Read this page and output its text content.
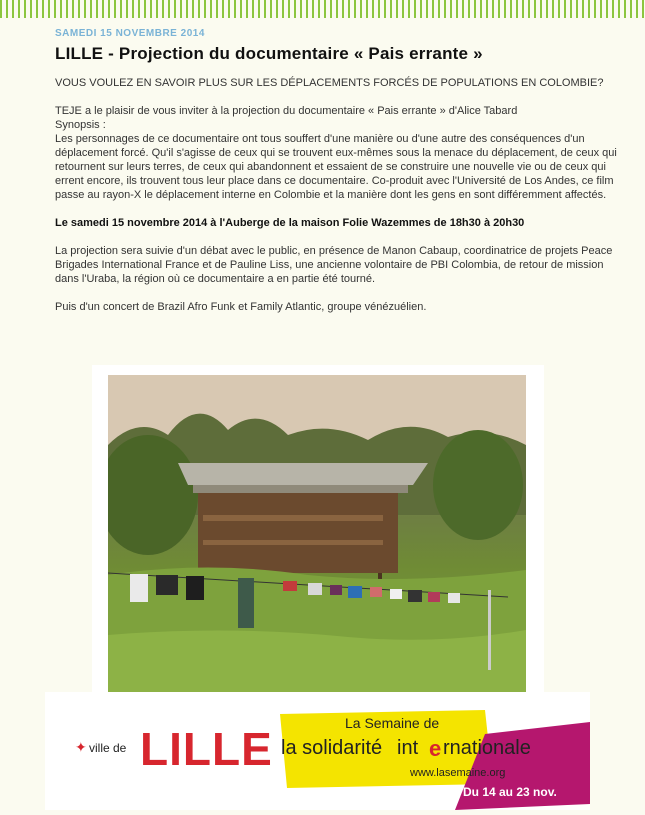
SAMEDI 15 NOVEMBRE 2014
LILLE - Projection du documentaire « Pais errante »

VOUS VOULEZ EN SAVOIR PLUS SUR LES DÉPLACEMENTS FORCÉS DE POPULATIONS EN COLOMBIE?

TEJE a le plaisir de vous inviter à la projection du documentaire « Pais errante » d'Alice Tabard

Synopsis :

Les personnages de ce documentaire ont tous souffert d'une manière ou d'une autre des conséquences d'un déplacement forcé. Qu'il s'agisse de ceux qui se trouvent eux-mêmes sous la menace du déplacement, de ceux qui retournent sur leurs terres, de ceux qui abandonnent et essaient de se construire une nouvelle vie ou de ceux qui errent encore, ils trouvent tous leur place dans ce documentaire. Co-produit avec l'Université de Los Andes, ce film passe au rayon-X le déplacement interne en Colombie et la manière dont les gens en sont différemment affectés.

Le samedi 15 novembre 2014 à l'Auberge de la maison Folie Wazemmes de 18h30 à 20h30

La projection sera suivie d'un débat avec le public, en présence de Manon Cabaup, coordinatrice de projets Peace Brigades International France et de Pauline Liss, une ancienne volontaire de PBI Colombia, de retour de mission dans l'Uraba, la région où ce documentaire a en partie été tourné.

Puis d'un concert de Brazil Afro Funk et Family Atlantic, groupe vénézuélien.

✦ ville de LILLE	La Semaine de
la solidarité int e rnationale
www.lasemaine.org
Du 14 au 23 nov.
